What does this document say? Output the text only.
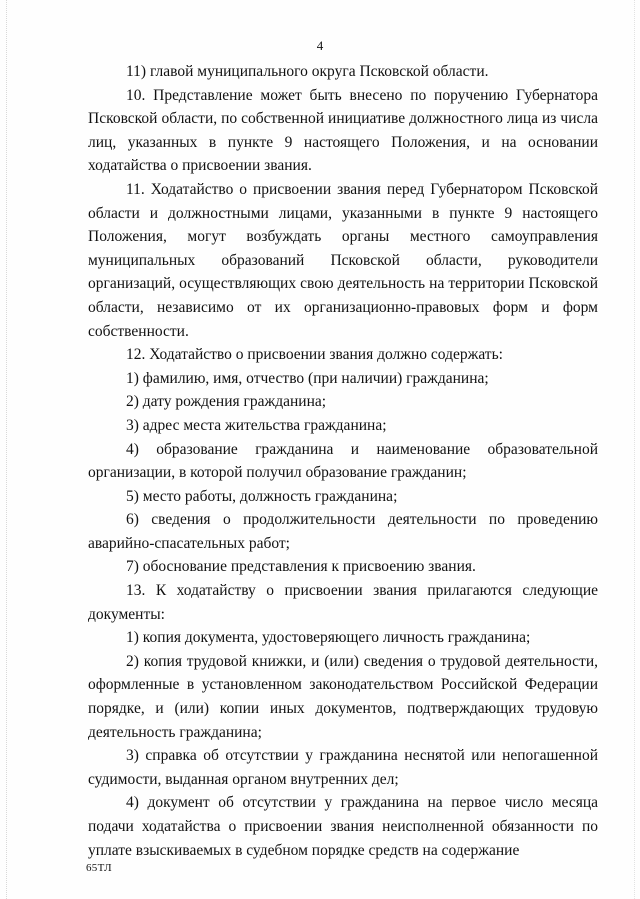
4

11) главой муниципального округа Псковской области.

10. Представление может быть внесено по поручению Губернатора Псковской области, по собственной инициативе должностного лица из числа лиц, указанных в пункте 9 настоящего Положения, и на основании ходатайства о присвоении звания.

11. Ходатайство о присвоении звания перед Губернатором Псковской области и должностными лицами, указанными в пункте 9 настоящего Положения, могут возбуждать органы местного самоуправления муниципальных образований Псковской области, руководители организаций, осуществляющих свою деятельность на территории Псковской области, независимо от их организационно-правовых форм и форм собственности.

12. Ходатайство о присвоении звания должно содержать:

1) фамилию, имя, отчество (при наличии) гражданина;

2) дату рождения гражданина;

3) адрес места жительства гражданина;

4) образование гражданина и наименование образовательной организации, в которой получил образование гражданин;

5) место работы, должность гражданина;

6) сведения о продолжительности деятельности по проведению аварийно-спасательных работ;

7) обоснование представления к присвоению звания.

13. К ходатайству о присвоении звания прилагаются следующие документы:

1) копия документа, удостоверяющего личность гражданина;

2) копия трудовой книжки, и (или) сведения о трудовой деятельности, оформленные в установленном законодательством Российской Федерации порядке, и (или) копии иных документов, подтверждающих трудовую деятельность гражданина;

3) справка об отсутствии у гражданина неснятой или непогашенной судимости, выданная органом внутренних дел;

4) документ об отсутствии у гражданина на первое число месяца подачи ходатайства о присвоении звания неисполненной обязанности по уплате взыскиваемых в судебном порядке средств на содержание

65ТЛ
